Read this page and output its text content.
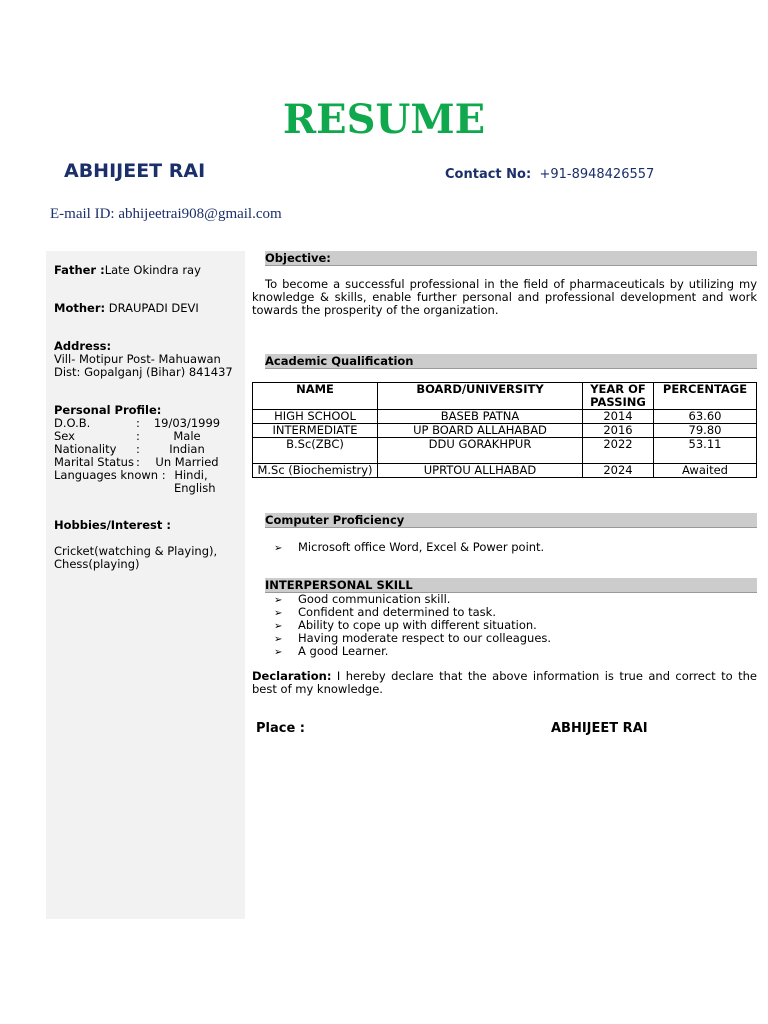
RESUME
ABHIJEET RAI	Contact No: +91-8948426557
E-mail ID: abhijeetrai908@gmail.com
Father :Late Okindra ray
Mother: DRAUPADI DEVI
Address:
Vill- Motipur Post- Mahuawan
Dist: Gopalganj (Bihar) 841437
Personal Profile:
D.O.B.	:	19/03/1999
Sex	:	Male
Nationality	:	Indian
Marital Status :	Un Married
Languages known : Hindi,
English
Hobbies/Interest :

Cricket(watching & Playing),
Chess(playing)
Objective:
To become a successful professional in the field of pharmaceuticals by utilizing my knowledge & skills, enable further personal and professional development and work towards the prosperity of the organization.
Academic Qualification
NAME	BOARD/UNIVERSITY	YEAR OF PASSING	PERCENTAGE
HIGH SCHOOL	BASEB PATNA	2014	63.60
INTERMEDIATE	UP BOARD ALLAHABAD	2016	79.80
B.Sc(ZBC)	DDU GORAKHPUR	2022	53.11
M.Sc (Biochemistry)	UPRTOU ALLHABAD	2024	Awaited
Computer Proficiency
➢ Microsoft office Word, Excel & Power point.
INTERPERSONAL SKILL
➢ Good communication skill.
➢ Confident and determined to task.
➢ Ability to cope up with different situation.
➢ Having moderate respect to our colleagues.
➢ A good Learner.
Declaration: I hereby declare that the above information is true and correct to the best of my knowledge.
Place :	ABHIJEET RAI
